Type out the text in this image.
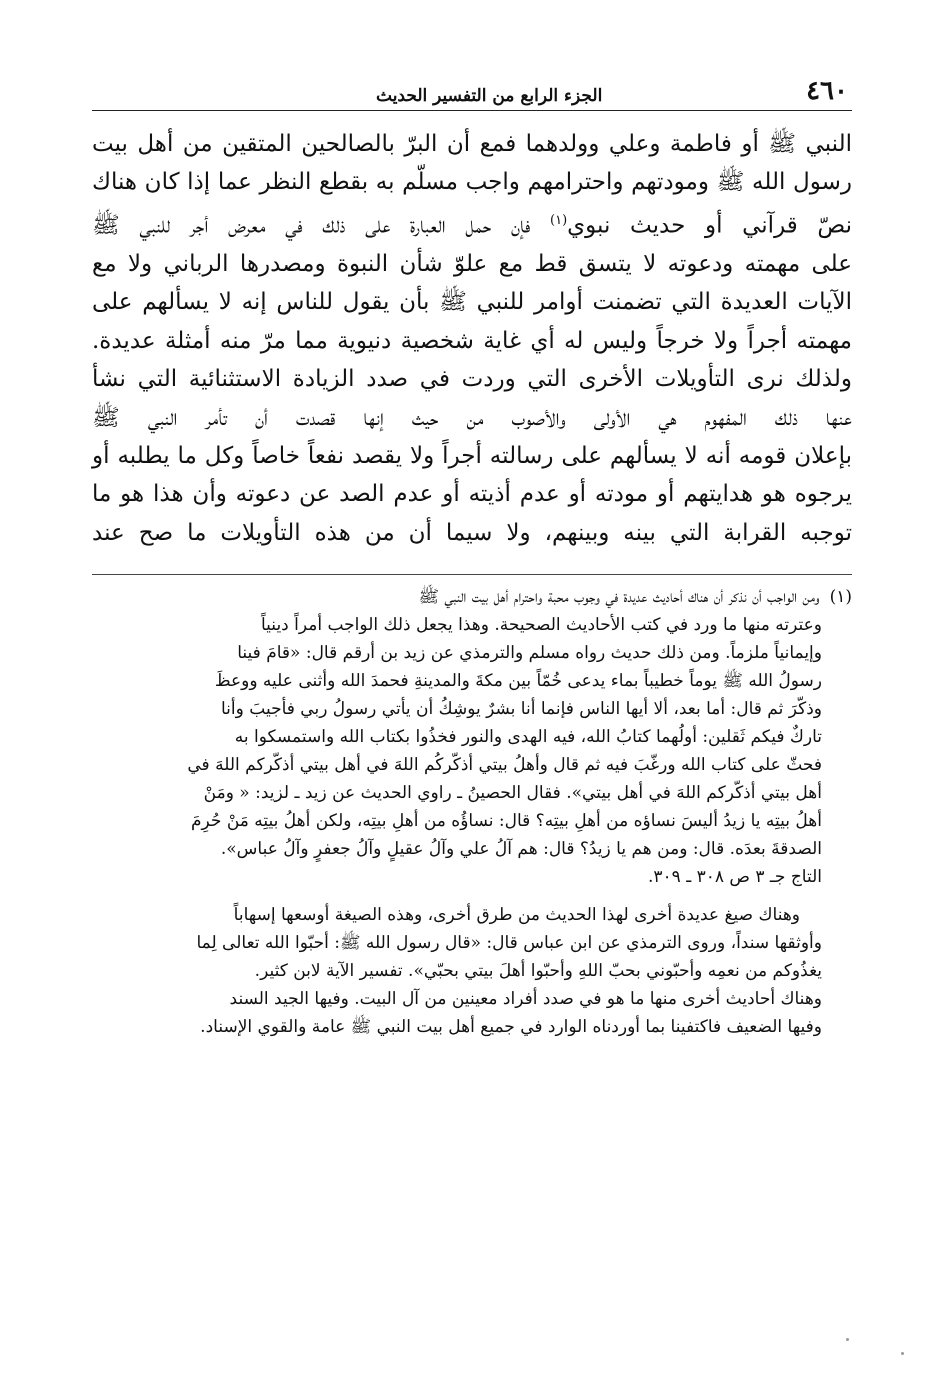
٤٦٠
الجزء الرابع من التفسير الحديث

النبي ﷺ أو فاطمة وعلي وولدهما فمع أن البرّ بالصالحين المتقين من أهل بيت

رسول الله ﷺ ومودتهم واحترامهم واجب مسلّم به بقطع النظر عما إذا كان هناك

نصّ قرآني أو حديث نبوي$^{(١)}$ فإن حمل العبارة على ذلك في معرض أجر للنبي ﷺ

على مهمته ودعوته لا يتسق قط مع علوّ شأن النبوة ومصدرها الرباني ولا مع

الآيات العديدة التي تضمنت أوامر للنبي ﷺ بأن يقول للناس إنه لا يسألهم على

مهمته أجراً ولا خرجاً وليس له أي غاية شخصية دنيوية مما مرّ منه أمثلة عديدة.

ولذلك نرى التأويلات الأخرى التي وردت في صدد الزيادة الاستثنائية التي نشأ

عنها ذلك المفهوم هي الأولى والأصوب من حيث إنها قصدت أن تأمر النبي ﷺ

بإعلان قومه أنه لا يسألهم على رسالته أجراً ولا يقصد نفعاً خاصاً وكل ما يطلبه أو

يرجوه هو هدايتهم أو مودته أو عدم أذيته أو عدم الصد عن دعوته وأن هذا هو ما

توجبه القرابة التي بينه وبينهم، ولا سيما أن من هذه التأويلات ما صح عند

(١)ومن الواجب أن نذكر أن هناك أحاديث عديدة في وجوب محبة واحترام أهل بيت النبي ﷺ

وعترته منها ما ورد في كتب الأحاديث الصحيحة. وهذا يجعل ذلك الواجب أمراً دينياً

وإيمانياً ملزماً. ومن ذلك حديث رواه مسلم والترمذي عن زيد بن أرقم قال: «قامَ فينا

رسولُ الله ﷺ يوماً خطيباً بماء يدعى خُمّاً بين مكةَ والمدينةِ فحمدَ الله وأثنى عليه ووعظَ

وذكّرَ ثم قال: أما بعد، ألا أيها الناس فإنما أنا بشرٌ يوشِكُ أن يأتي رسولُ ربي فأجيبَ وأنا

تاركٌ فيكم ثَقلين: أولُهما كتابُ الله، فيه الهدى والنور فخذُوا بكتاب الله واستمسكوا به

فحثّ على كتاب الله ورغّبَ فيه ثم قال وأهلُ بيتي أذكّركُم اللهَ في أهل بيتي أذكّركم اللهَ في

أهل بيتي أذكّركم اللهَ في أهل بيتي». فقال الحصينُ ـ راوي الحديث عن زيد ـ لزيد: « ومَنْ

أهلُ بيتِه يا زيدُ أليسَ نساؤه من أهلِ بيتِه؟ قال: نساؤُه من أهلِ بيتِه، ولكن أهلُ بيتِه مَنْ حُرِمَ

الصدقةَ بعدَه. قال: ومن هم يا زيدُ؟ قال: هم آلُ علي وآلُ عقيلٍ وآلُ جعفرٍ وآلُ عباس».

التاج جـ ٣ ص ٣٠٨ ـ ٣٠٩.

وهناك صيغ عديدة أخرى لهذا الحديث من طرق أخرى، وهذه الصيغة أوسعها إسهاباً

وأوثقها سنداً، وروى الترمذي عن ابن عباس قال: «قال رسول الله ﷺ: أحبّوا الله تعالى لِما

يغذُوكم من نعمِه وأحبّوني بحبّ اللهِ وأحبّوا أهلَ بيتي بحبّي». تفسير الآية لابن كثير.

وهناك أحاديث أخرى منها ما هو في صدد أفراد معينين من آل البيت. وفيها الجيد السند

وفيها الضعيف فاكتفينا بما أوردناه الوارد في جميع أهل بيت النبي ﷺ عامة والقوي الإسناد.
